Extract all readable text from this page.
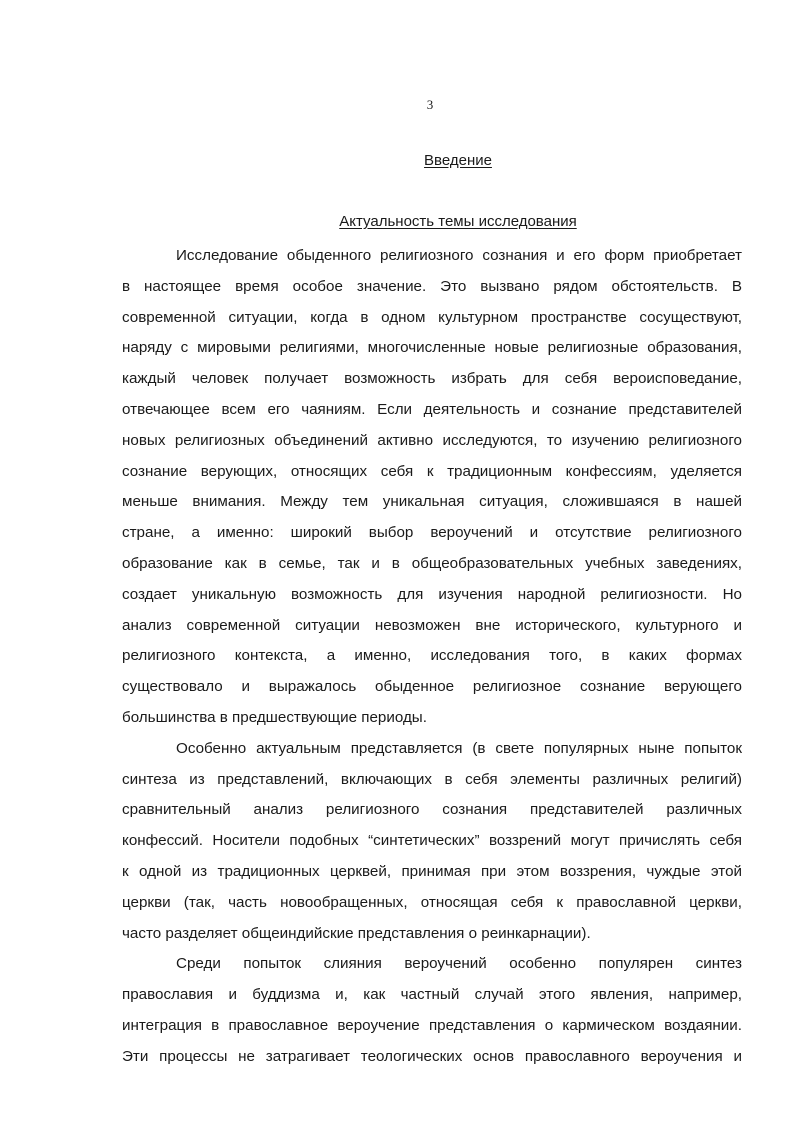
3
Введение
Актуальность темы исследования
Исследование обыденного религиозного сознания и его форм приобретает
в настоящее время особое значение. Это вызвано рядом обстоятельств. В
современной ситуации, когда в одном культурном пространстве сосуществуют,
наряду с мировыми религиями, многочисленные новые религиозные образования,
каждый человек получает возможность избрать для себя вероисповедание,
отвечающее всем его чаяниям. Если деятельность и сознание представителей
новых религиозных объединений активно исследуются, то изучению религиозного
сознание верующих, относящих себя к традиционным конфессиям, уделяется
меньше внимания. Между тем уникальная ситуация, сложившаяся в нашей
стране, а именно: широкий выбор вероучений и отсутствие религиозного
образование как в семье, так и в общеобразовательных учебных заведениях,
создает уникальную возможность для изучения народной религиозности. Но
анализ современной ситуации невозможен вне исторического, культурного и
религиозного контекста, а именно, исследования того, в каких формах
существовало и выражалось обыденное религиозное сознание верующего
большинства в предшествующие периоды.
Особенно актуальным представляется (в свете популярных ныне попыток
синтеза из представлений, включающих в себя элементы различных религий)
сравнительный анализ религиозного сознания представителей различных
конфессий. Носители подобных “синтетических” воззрений могут причислять себя
к одной из традиционных церквей, принимая при этом воззрения, чуждые этой
церкви (так, часть новообращенных, относящая себя к православной церкви,
часто разделяет общеиндийские представления о реинкарнации).
Среди попыток слияния вероучений особенно популярен синтез
православия и буддизма и, как частный случай этого явления, например,
интеграция в православное вероучение представления о кармическом воздаянии.
Эти процессы не затрагивает теологических основ православного вероучения и
